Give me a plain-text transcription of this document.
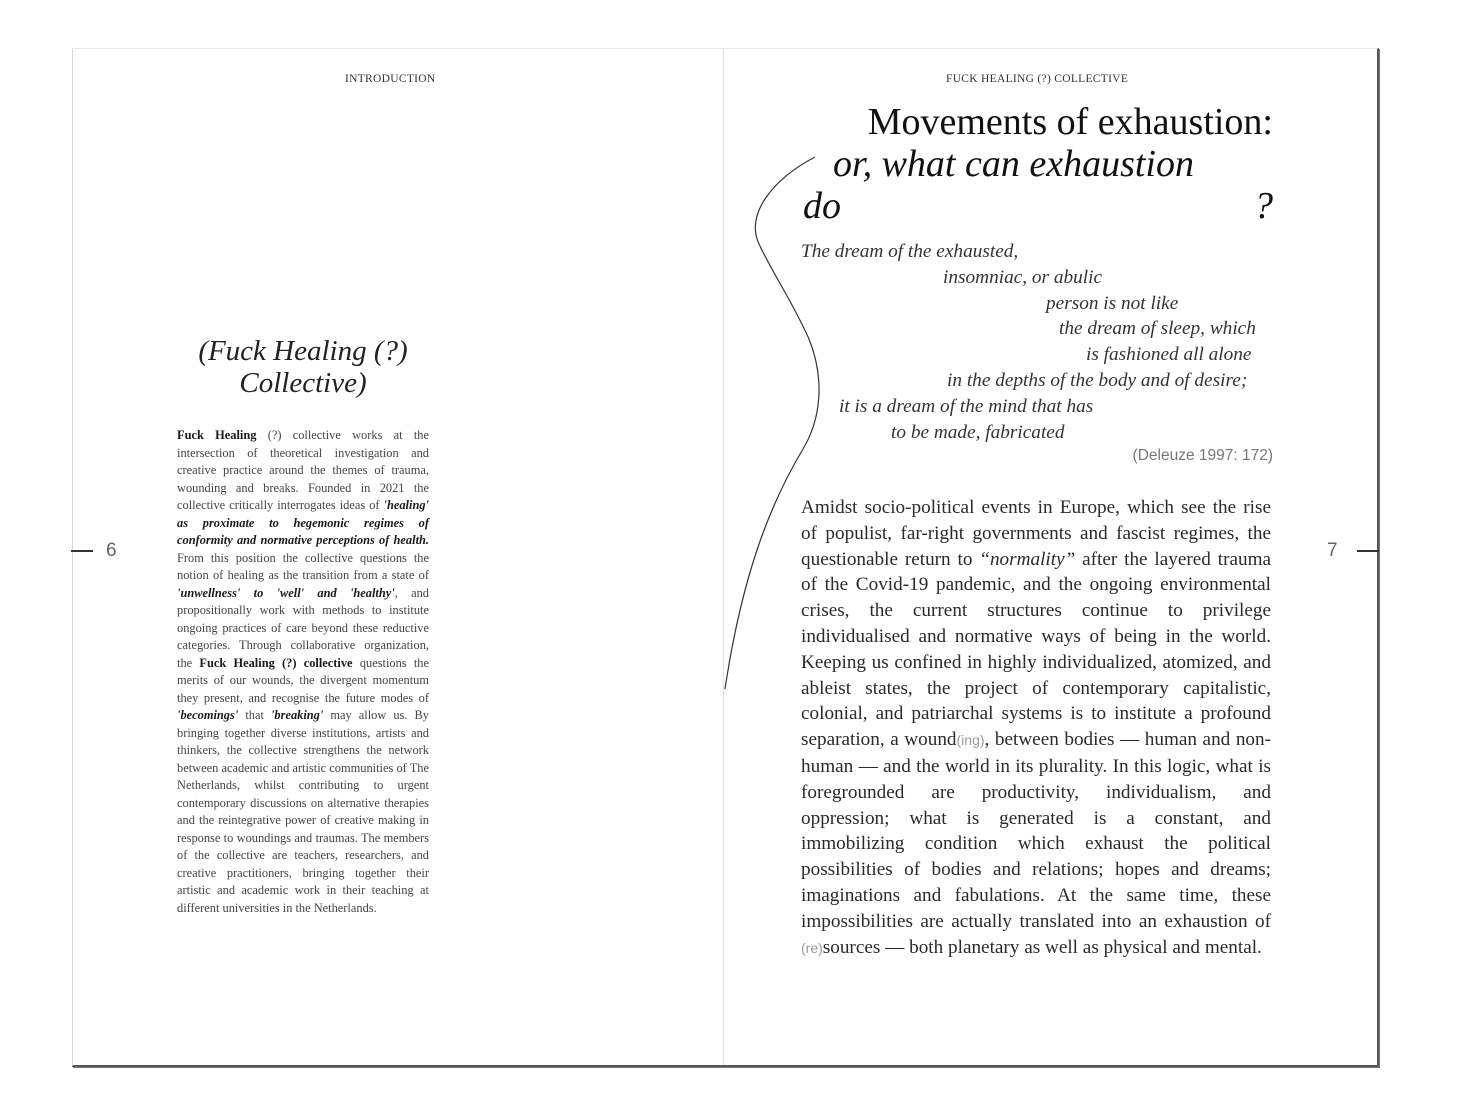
INTRODUCTION
6
(Fuck Healing (?)
Collective)
Fuck Healing (?) collective works at the intersection of theoretical investigation and creative practice around the themes of trauma, wounding and breaks. Founded in 2021 the collective critically interrogates ideas of 'healing' as proximate to hegemonic regimes of conformity and normative perceptions of health. From this position the collective questions the notion of healing as the transition from a state of 'unwellness' to 'well' and 'healthy', and propositionally work with methods to institute ongoing practices of care beyond these reductive categories. Through collaborative organization, the Fuck Healing (?) collective questions the merits of our wounds, the divergent momentum they present, and recognise the future modes of 'becomings' that 'breaking' may allow us. By bringing together diverse institutions, artists and thinkers, the collective strengthens the network between academic and artistic communities of The Netherlands, whilst contributing to urgent contemporary discussions on alternative therapies and the reintegrative power of creative making in response to woundings and traumas. The members of the collective are teachers, researchers, and creative practitioners, bringing together their artistic and academic work in their teaching at different universities in the Netherlands.
FUCK HEALING (?) COLLECTIVE
7
Movements of exhaustion:
or, what can exhaustion
do	?
The dream of the exhausted,
insomniac, or abulic
person is not like
the dream of sleep, which
is fashioned all alone
in the depths of the body and of desire;
it is a dream of the mind that has
to be made, fabricated
(Deleuze 1997: 172)
Amidst socio-political events in Europe, which see the rise of populist, far-right governments and fascist regimes, the questionable return to “normality” after the layered trauma of the Covid-19 pandemic, and the ongoing environmental crises, the current structures continue to privilege individualised and normative ways of being in the world. Keeping us confined in highly individualized, atomized, and ableist states, the project of contemporary capitalistic, colonial, and patriarchal systems is to institute a profound separation, a wound(ing), between bodies — human and non-human — and the world in its plurality. In this logic, what is foregrounded are productivity, individualism, and oppression; what is generated is a constant, and immobilizing condition which exhaust the political possibilities of bodies and relations; hopes and dreams; imaginations and fabulations. At the same time, these impossibilities are actually translated into an exhaustion of (re)sources — both planetary as well as physical and mental.
